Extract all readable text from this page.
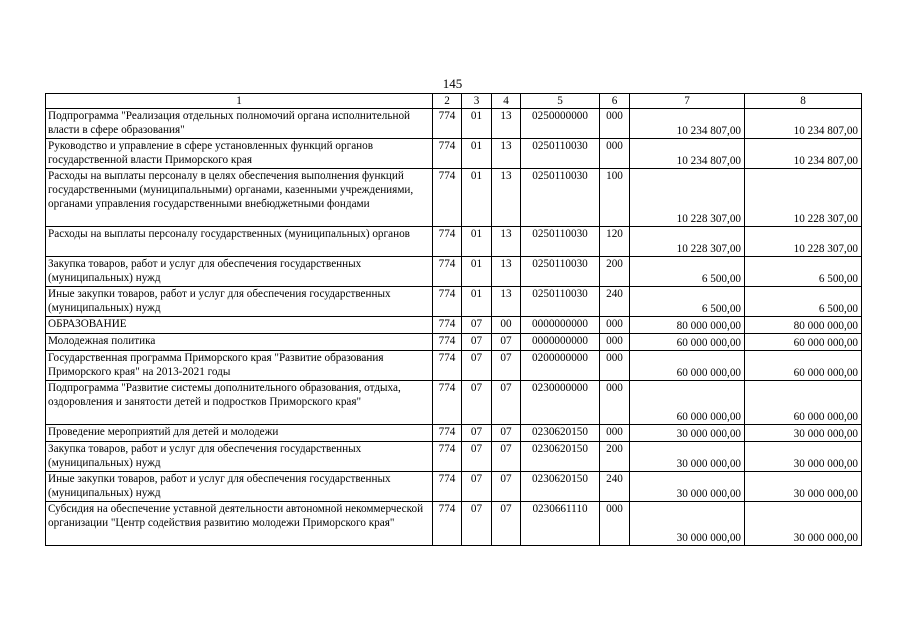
145
1	2	3	4	5	6	7	8
Подпрограмма "Реализация отдельных полномочий органа исполнительной власти в сфере образования"	774	01	13	0250000000	000	10 234 807,00	10 234 807,00
Руководство и управление в сфере установленных функций органов государственной власти Приморского края	774	01	13	0250110030	000	10 234 807,00	10 234 807,00
Расходы на выплаты персоналу в целях обеспечения выполнения функций государственными (муниципальными) органами, казенными учреждениями, органами управления государственными внебюджетными фондами	774	01	13	0250110030	100	10 228 307,00	10 228 307,00
Расходы на выплаты персоналу государственных (муниципальных) органов	774	01	13	0250110030	120	10 228 307,00	10 228 307,00
Закупка товаров, работ и услуг для обеспечения государственных (муниципальных) нужд	774	01	13	0250110030	200	6 500,00	6 500,00
Иные закупки товаров, работ и услуг для обеспечения государственных (муниципальных) нужд	774	01	13	0250110030	240	6 500,00	6 500,00
ОБРАЗОВАНИЕ	774	07	00	0000000000	000	80 000 000,00	80 000 000,00
Молодежная политика	774	07	07	0000000000	000	60 000 000,00	60 000 000,00
Государственная программа Приморского края "Развитие образования Приморского края" на 2013-2021 годы	774	07	07	0200000000	000	60 000 000,00	60 000 000,00
Подпрограмма "Развитие системы дополнительного образования, отдыха, оздоровления и занятости детей и подростков Приморского края"	774	07	07	0230000000	000	60 000 000,00	60 000 000,00
Проведение мероприятий для детей и молодежи	774	07	07	0230620150	000	30 000 000,00	30 000 000,00
Закупка товаров, работ и услуг для обеспечения государственных (муниципальных) нужд	774	07	07	0230620150	200	30 000 000,00	30 000 000,00
Иные закупки товаров, работ и услуг для обеспечения государственных (муниципальных) нужд	774	07	07	0230620150	240	30 000 000,00	30 000 000,00
Субсидия на обеспечение уставной деятельности автономной некоммерческой организации "Центр содействия развитию молодежи Приморского края"	774	07	07	0230661110	000	30 000 000,00	30 000 000,00
